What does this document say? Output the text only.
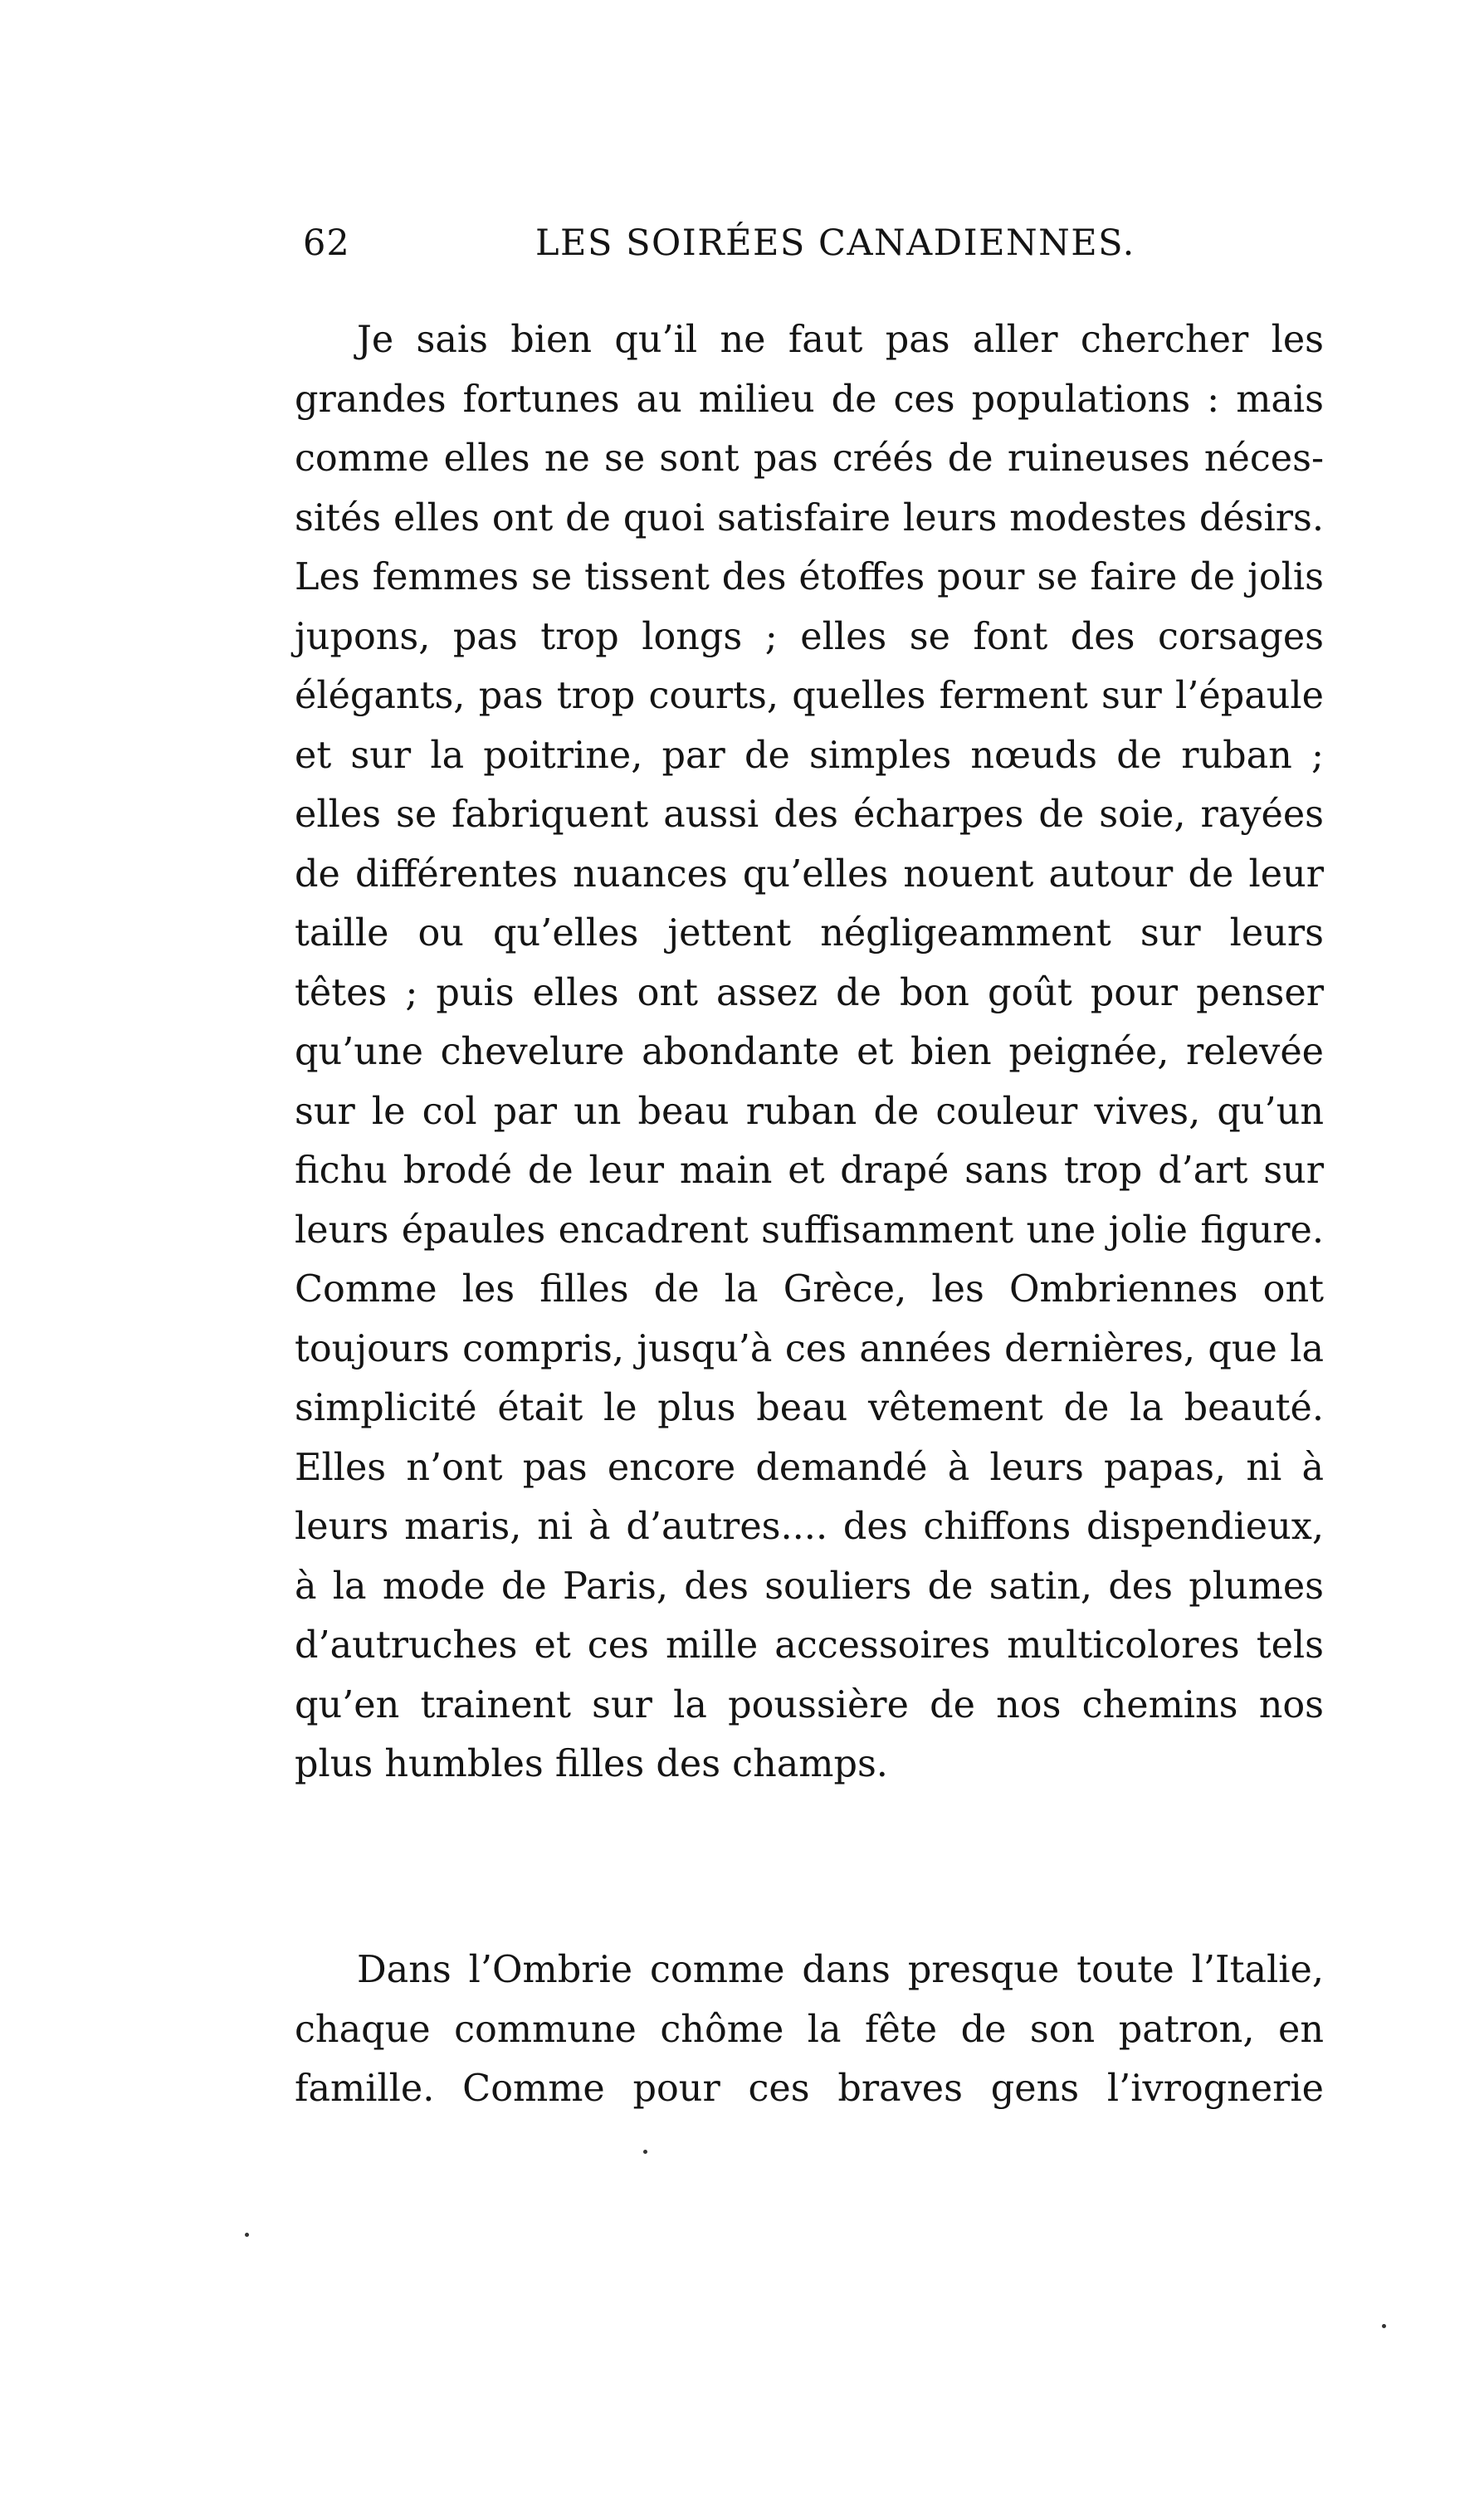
62	LES SOIRÉES CANADIENNES.
Je sais bien qu’il ne faut pas aller chercher les
grandes fortunes au milieu de ces populations : mais
comme elles ne se sont pas créés de ruineuses néces-
sités elles ont de quoi satisfaire leurs modestes désirs.
Les femmes se tissent des étoffes pour se faire de jolis
jupons, pas trop longs ; elles se font des corsages
élégants, pas trop courts, quelles ferment sur l’épaule
et sur la poitrine, par de simples nœuds de ruban ;
elles se fabriquent aussi des écharpes de soie, rayées
de différentes nuances qu’elles nouent autour de leur
taille ou qu’elles jettent négligeamment sur leurs
têtes ; puis elles ont assez de bon goût pour penser
qu’une chevelure abondante et bien peignée, relevée
sur le col par un beau ruban de couleur vives, qu’un
fichu brodé de leur main et drapé sans trop d’art sur
leurs épaules encadrent suffisamment une jolie figure.
Comme les filles de la Grèce, les Ombriennes ont
toujours compris, jusqu’à ces années dernières, que la
simplicité était le plus beau vêtement de la beauté.
Elles n’ont pas encore demandé à leurs papas, ni à
leurs maris, ni à d’autres.... des chiffons dispendieux,
à la mode de Paris, des souliers de satin, des plumes
d’autruches et ces mille accessoires multicolores tels
qu’en trainent sur la poussière de nos chemins nos
plus humbles filles des champs.
Dans l’Ombrie comme dans presque toute l’Italie,
chaque commune chôme la fête de son patron, en
famille. Comme pour ces braves gens l’ivrognerie
